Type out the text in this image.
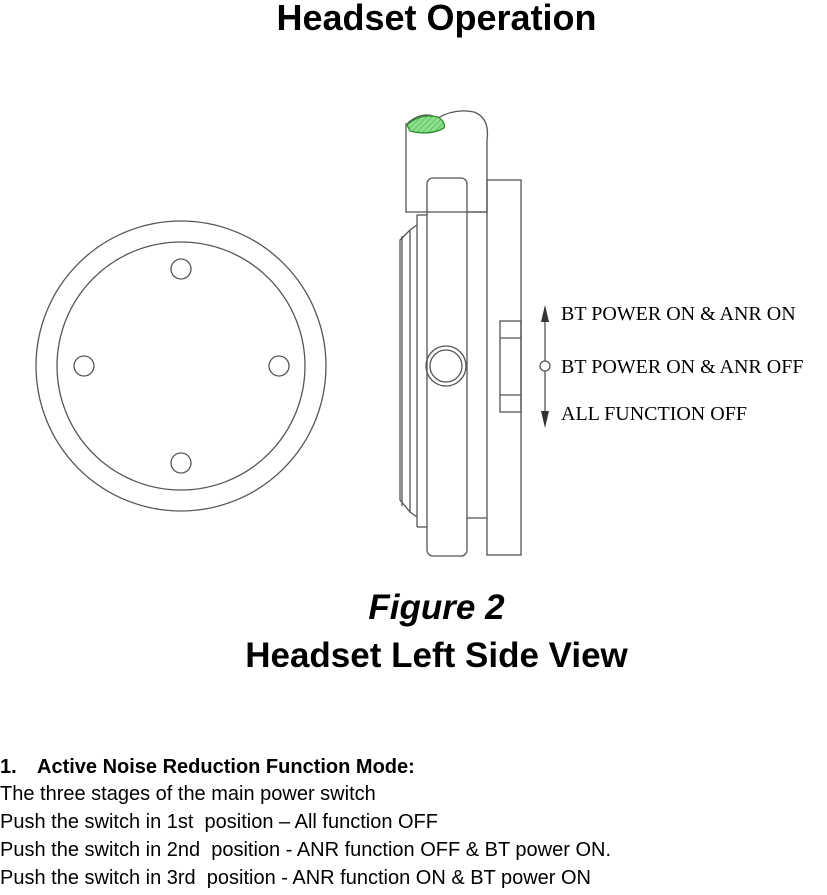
Headset Operation
BT POWER ON & ANR ON
BT POWER ON & ANR OFF
ALL FUNCTION OFF
Figure 2
Headset Left Side View
1. Active Noise Reduction Function Mode:
The three stages of the main power switch
Push the switch in 1st  position – All function OFF
Push the switch in 2nd  position - ANR function OFF & BT power ON.
Push the switch in 3rd  position - ANR function ON & BT power ON
